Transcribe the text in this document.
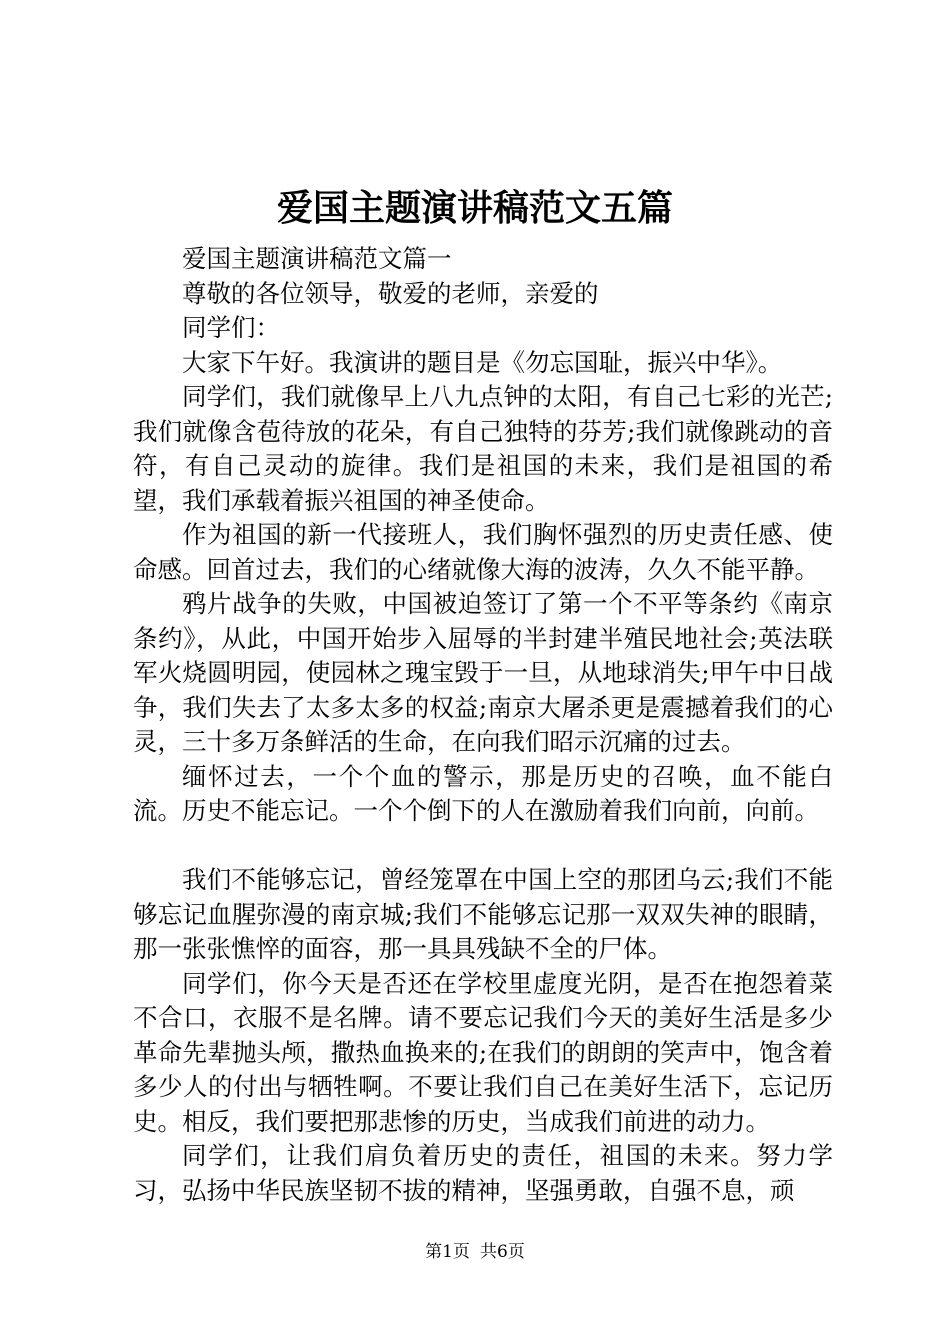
爱国主题演讲稿范文五篇

爱国主题演讲稿范文篇一

尊敬的各位领导，敬爱的老师，亲爱的

同学们：

大家下午好。我演讲的题目是《勿忘国耻，振兴中华》。

同学们，我们就像早上八九点钟的太阳，有自己七彩的光芒;我们就像含苞待放的花朵，有自己独特的芬芳;我们就像跳动的音符，有自己灵动的旋律。我们是祖国的未来，我们是祖国的希望，我们承载着振兴祖国的神圣使命。

作为祖国的新一代接班人，我们胸怀强烈的历史责任感、使命感。回首过去，我们的心绪就像大海的波涛，久久不能平静。

鸦片战争的失败，中国被迫签订了第一个不平等条约《南京条约》，从此，中国开始步入屈辱的半封建半殖民地社会;英法联军火烧圆明园，使园林之瑰宝毁于一旦，从地球消失;甲午中日战争，我们失去了太多太多的权益;南京大屠杀更是震撼着我们的心灵，三十多万条鲜活的生命，在向我们昭示沉痛的过去。

缅怀过去，一个个血的警示，那是历史的召唤，血不能白流。历史不能忘记。一个个倒下的人在激励着我们向前，向前。

我们不能够忘记，曾经笼罩在中国上空的那团乌云;我们不能够忘记血腥弥漫的南京城;我们不能够忘记那一双双失神的眼睛，那一张张憔悴的面容，那一具具残缺不全的尸体。

同学们，你今天是否还在学校里虚度光阴，是否在抱怨着菜不合口，衣服不是名牌。请不要忘记我们今天的美好生活是多少革命先辈抛头颅，撒热血换来的;在我们的朗朗的笑声中，饱含着多少人的付出与牺牲啊。不要让我们自己在美好生活下，忘记历史。相反，我们要把那悲惨的历史，当成我们前进的动力。

同学们，让我们肩负着历史的责任，祖国的未来。努力学习，弘扬中华民族坚韧不拔的精神，坚强勇敢，自强不息，顽

第1页 共6页
